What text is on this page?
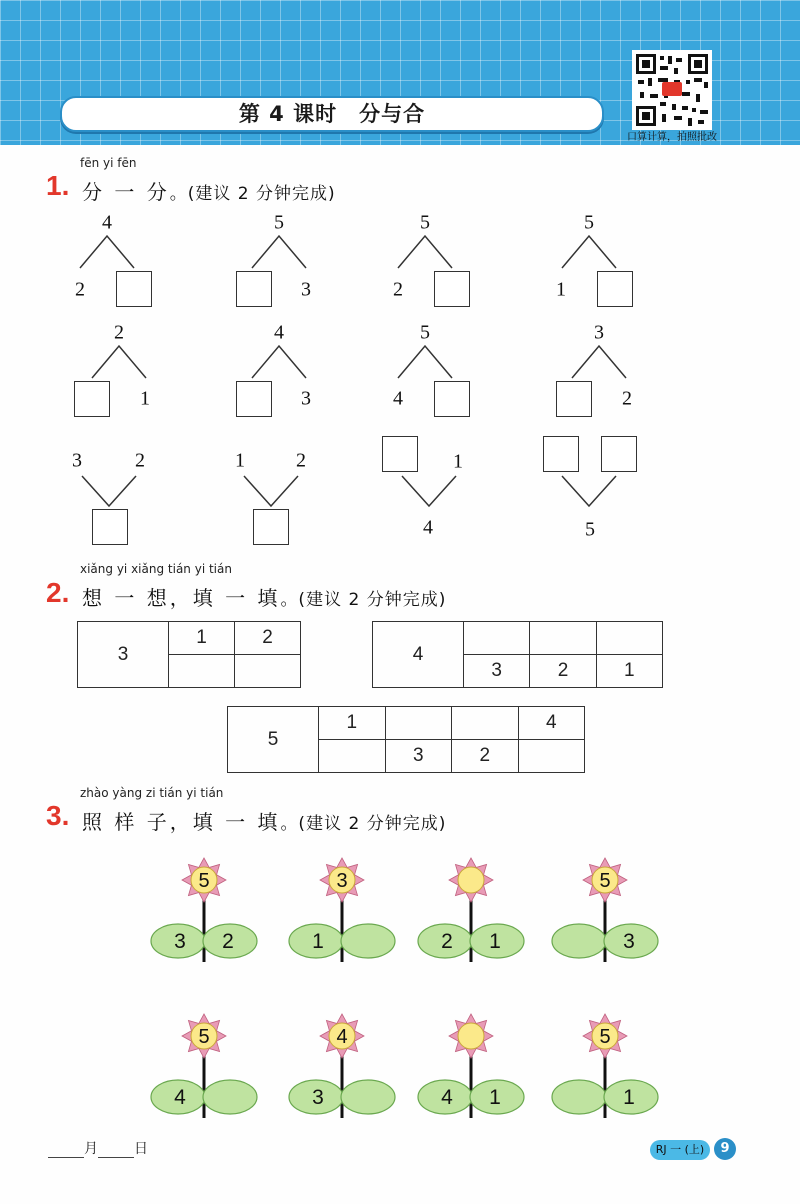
第 4 课时　分与合
口算计算，拍照批改
fēn yi fēn
1. 分 一 分。(建议 2 分钟完成)
4
2
5
3
5
2
5
1
2
1
4
3
5
4
3
2
3	2	1	2	1
4	5
xiǎng yi xiǎng tián yi tián
2. 想 一 想，填 一 填。(建议 2 分钟完成)
3	1	2

4			
	3	2	1
5	1			4
		3	2	
zhào yàng zi tián yi tián
3. 照 样 子，填 一 填。(建议 2 分钟完成)
5
3 2
3
1	2 1
5
3
5
4
4
3	4 1
5
1
月	日	RJ 一 (上)	9
